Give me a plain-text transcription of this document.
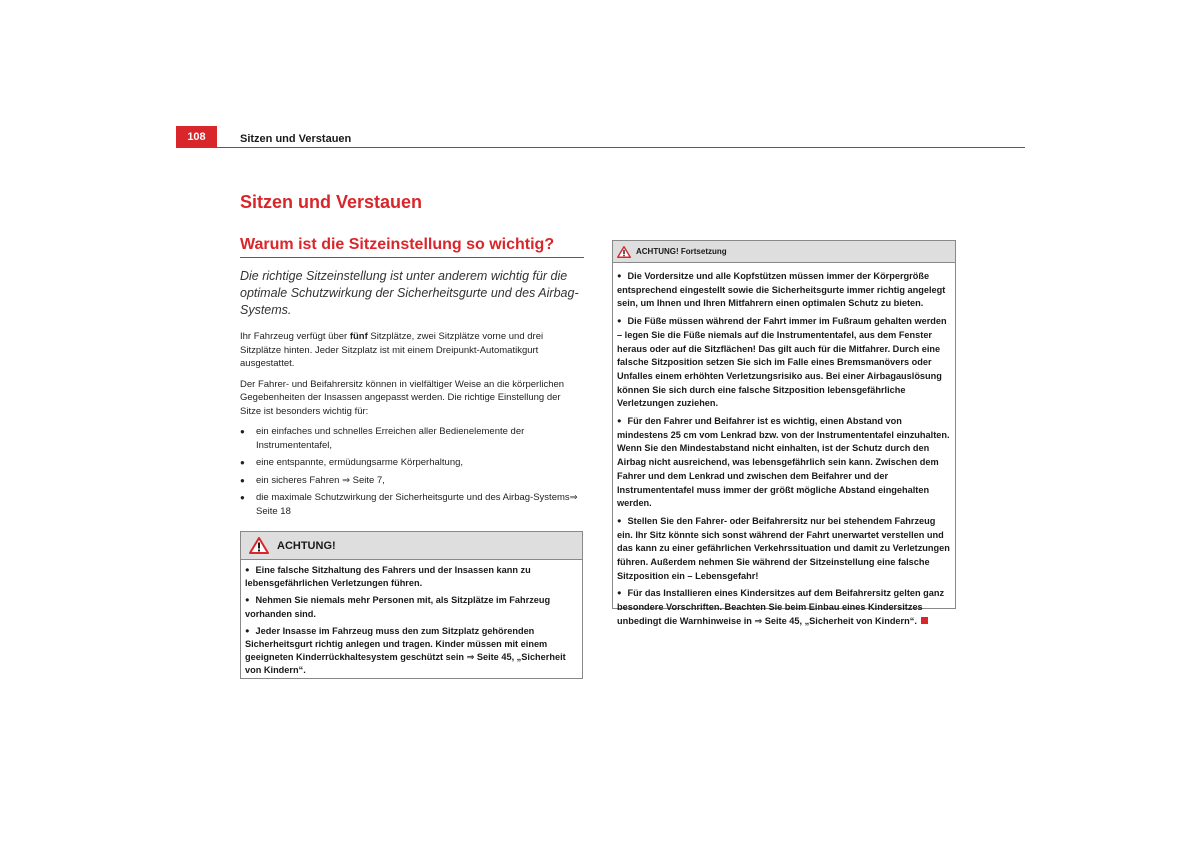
108	Sitzen und Verstauen
Sitzen und Verstauen
Warum ist die Sitzeinstellung so wichtig?

Die richtige Sitzeinstellung ist unter anderem wichtig für die optimale Schutzwirkung der Sicherheitsgurte und des Airbag-Systems.

Ihr Fahrzeug verfügt über fünf Sitzplätze, zwei Sitzplätze vorne und drei Sitzplätze hinten. Jeder Sitzplatz ist mit einem Dreipunkt-Automatikgurt ausgestattet.

Der Fahrer- und Beifahrersitz können in vielfältiger Weise an die körperlichen Gegebenheiten der Insassen angepasst werden. Die richtige Einstellung der Sitze ist besonders wichtig für:

● ein einfaches und schnelles Erreichen aller Bedienelemente der Instrumententafel,
● eine entspannte, ermüdungsarme Körperhaltung,
● ein sicheres Fahren ⇒ Seite 7,
● die maximale Schutzwirkung der Sicherheitsgurte und des Airbag-Systems⇒ Seite 18
ACHTUNG!
● Eine falsche Sitzhaltung des Fahrers und der Insassen kann zu lebensgefährlichen Verletzungen führen.
● Nehmen Sie niemals mehr Personen mit, als Sitzplätze im Fahrzeug vorhanden sind.
● Jeder Insasse im Fahrzeug muss den zum Sitzplatz gehörenden Sicherheitsgurt richtig anlegen und tragen. Kinder müssen mit einem geeigneten Kinderrückhaltesystem geschützt sein ⇒ Seite 45, „Sicherheit von Kindern“.
ACHTUNG! Fortsetzung
● Die Vordersitze und alle Kopfstützen müssen immer der Körpergröße entsprechend eingestellt sowie die Sicherheitsgurte immer richtig angelegt sein, um Ihnen und Ihren Mitfahrern einen optimalen Schutz zu bieten.
● Die Füße müssen während der Fahrt immer im Fußraum gehalten werden – legen Sie die Füße niemals auf die Instrumententafel, aus dem Fenster heraus oder auf die Sitzflächen! Das gilt auch für die Mitfahrer. Durch eine falsche Sitzposition setzen Sie sich im Falle eines Bremsmanövers oder Unfalles einem erhöhten Verletzungsrisiko aus. Bei einer Airbagauslösung können Sie sich durch eine falsche Sitzposition lebensgefährliche Verletzungen zuziehen.
● Für den Fahrer und Beifahrer ist es wichtig, einen Abstand von mindestens 25 cm vom Lenkrad bzw. von der Instrumententafel einzuhalten. Wenn Sie den Mindestabstand nicht einhalten, ist der Schutz durch den Airbag nicht ausreichend, was lebensgefährlich sein kann. Zwischen dem Fahrer und dem Lenkrad und zwischen dem Beifahrer und der Instrumententafel muss immer der größt mögliche Abstand eingehalten werden.
● Stellen Sie den Fahrer- oder Beifahrersitz nur bei stehendem Fahrzeug ein. Ihr Sitz könnte sich sonst während der Fahrt unerwartet verstellen und das kann zu einer gefährlichen Verkehrssituation und damit zu Verletzungen führen. Außerdem nehmen Sie während der Sitzeinstellung eine falsche Sitzposition ein – Lebensgefahr!
● Für das Installieren eines Kindersitzes auf dem Beifahrersitz gelten ganz besondere Vorschriften. Beachten Sie beim Einbau eines Kindersitzes unbedingt die Warnhinweise in ⇒ Seite 45, „Sicherheit von Kindern“.
